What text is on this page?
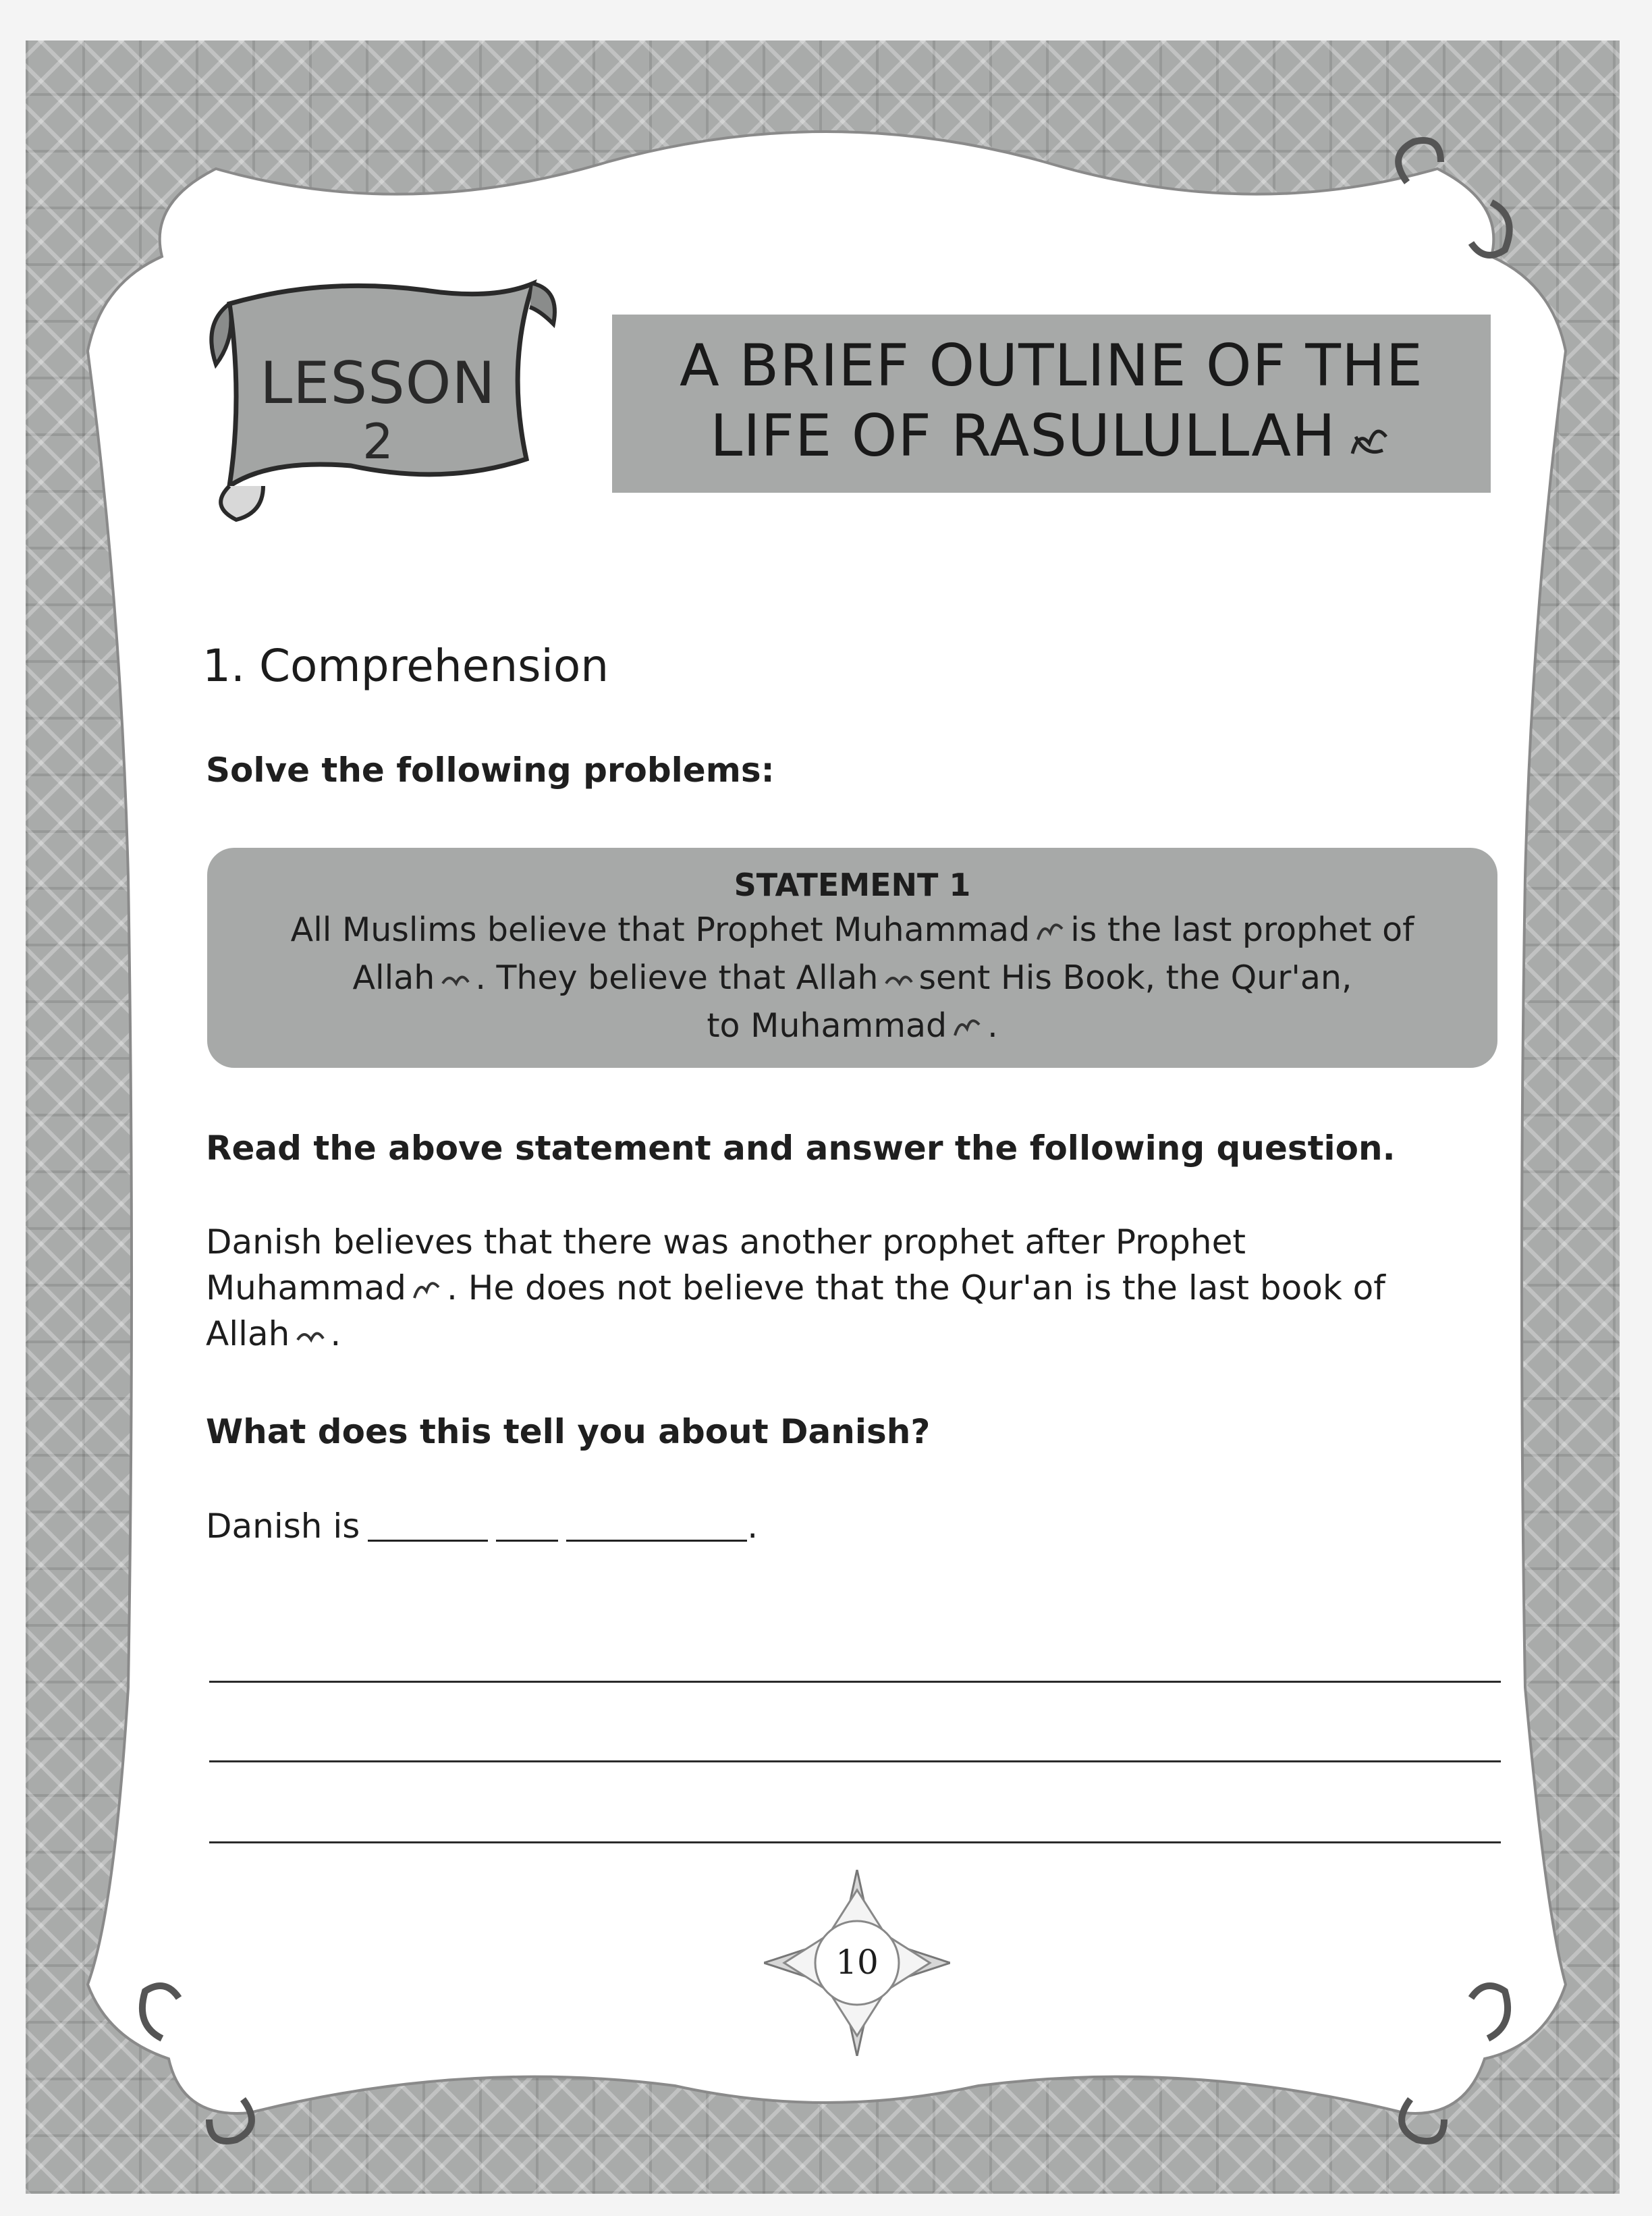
LESSON
2
A BRIEF OUTLINE OF THE
LIFE OF RASULULLAH
1. Comprehension

Solve the following problems:

STATEMENT 1
All Muslims believe that Prophet Muhammad is the last prophet of
Allah . They believe that Allah sent His Book, the Qur'an,
to Muhammad .

Read the above statement and answer the following question.

Danish believes that there was another prophet after Prophet
Muhammad . He does not believe that the Qur'an is the last book of
Allah .

What does this tell you about Danish?

Danish is	.
10
